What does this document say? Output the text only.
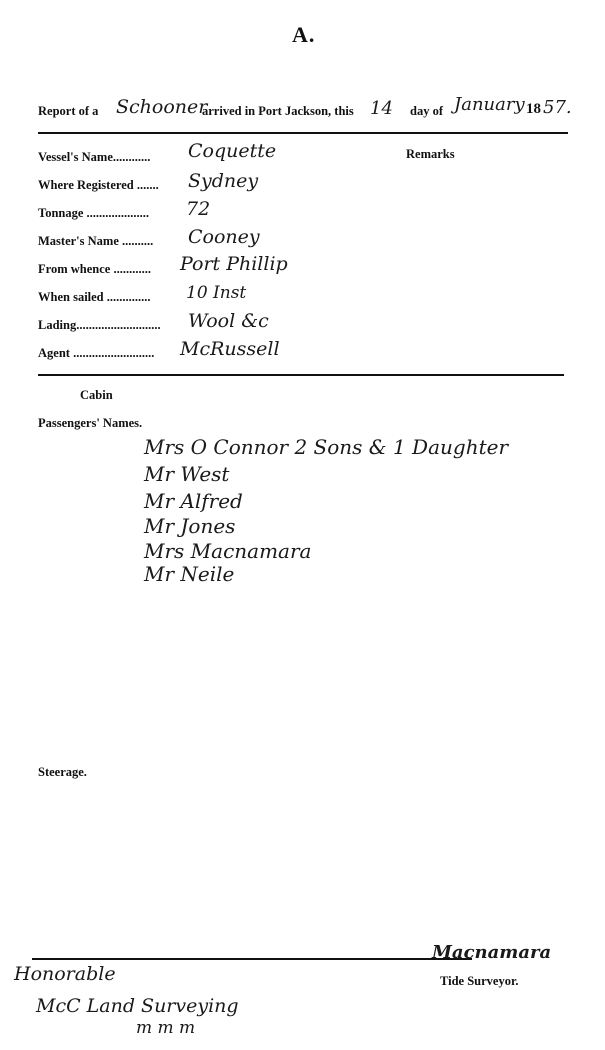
A.
Report of a Schooner
arrived in Port Jackson, this 14 day of January 18 57.
Remarks
Vessel's Name............ Coquette
Where Registered ....... Sydney
Tonnage .................... 72
Master's Name .......... Cooney
From whence ............ Port Phillip
When sailed .............. 10 Inst
Lading........................... Wool &c
Agent .......................... McRussell
Cabin
Passengers' Names.
Mrs O Connor 2 Sons & 1 Daughter
Mr West
Mr Alfred
Mr Jones
Mrs Macnamara
Mr Neile
Steerage.
Macnamara
Tide Surveyor.
Honorable
McC Land Surveying
m m m
